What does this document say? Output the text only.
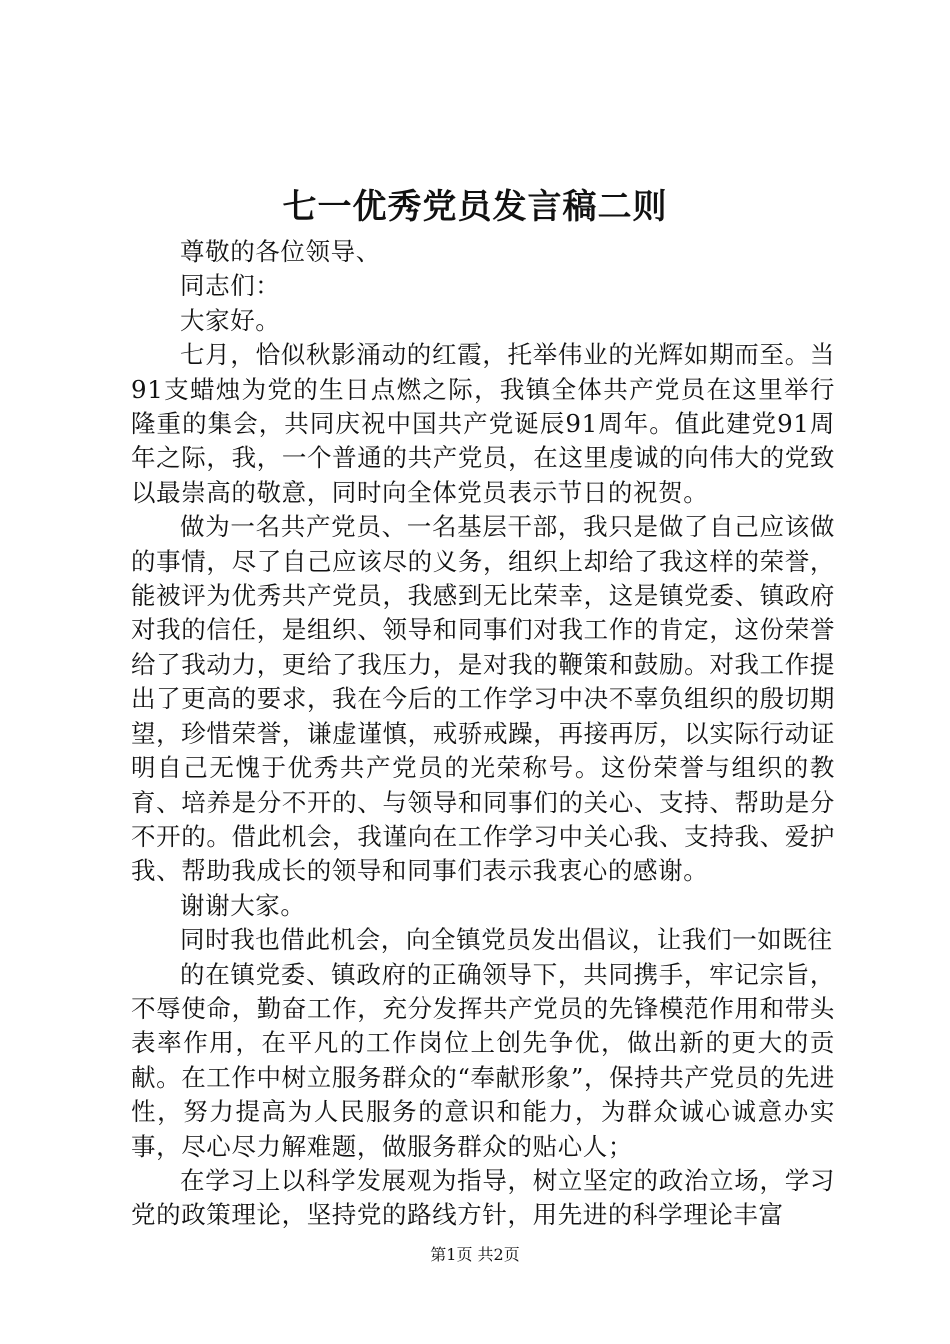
七一优秀党员发言稿二则

尊敬的各位领导、

同志们：

大家好。

七月，恰似秋影涌动的红霞，托举伟业的光辉如期而至。当91支蜡烛为党的生日点燃之际，我镇全体共产党员在这里举行隆重的集会，共同庆祝中国共产党诞辰91周年。值此建党91周年之际，我，一个普通的共产党员，在这里虔诚的向伟大的党致以最崇高的敬意，同时向全体党员表示节日的祝贺。

做为一名共产党员、一名基层干部，我只是做了自己应该做的事情，尽了自己应该尽的义务，组织上却给了我这样的荣誉，能被评为优秀共产党员，我感到无比荣幸，这是镇党委、镇政府对我的信任，是组织、领导和同事们对我工作的肯定，这份荣誉给了我动力，更给了我压力，是对我的鞭策和鼓励。对我工作提出了更高的要求，我在今后的工作学习中决不辜负组织的殷切期望，珍惜荣誉，谦虚谨慎，戒骄戒躁，再接再厉，以实际行动证明自己无愧于优秀共产党员的光荣称号。这份荣誉与组织的教育、培养是分不开的、与领导和同事们的关心、支持、帮助是分不开的。借此机会，我谨向在工作学习中关心我、支持我、爱护我、帮助我成长的领导和同事们表示我衷心的感谢。

谢谢大家。

同时我也借此机会，向全镇党员发出倡议，让我们一如既往

的在镇党委、镇政府的正确领导下，共同携手，牢记宗旨，不辱使命，勤奋工作，充分发挥共产党员的先锋模范作用和带头表率作用，在平凡的工作岗位上创先争优，做出新的更大的贡献。在工作中树立服务群众的“奉献形象”，保持共产党员的先进性，努力提高为人民服务的意识和能力，为群众诚心诚意办实事，尽心尽力解难题，做服务群众的贴心人；

在学习上以科学发展观为指导，树立坚定的政治立场，学习党的政策理论，坚持党的路线方针，用先进的科学理论丰富

第1页 共2页
